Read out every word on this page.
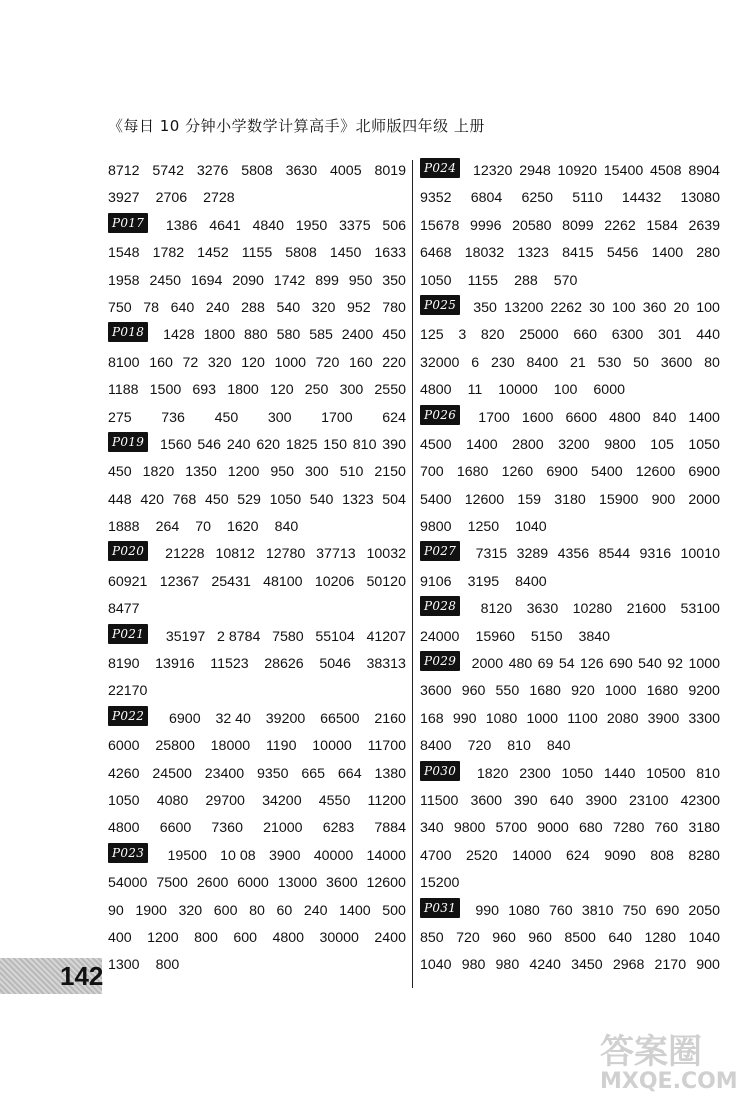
《每日 10 分钟小学数学计算高手》北师版四年级 上册
8712 5742 3276 5808 3630 4005 8019
3927 2706 2728
P017 1386 4641 4840 1950 3375 506
1548 1782 1452 1155 5808 1450 1633
1958 2450 1694 2090 1742 899 950 350
750 78 640 240 288 540 320 952 780
P018 1428 1800 880 580 585 2400 450
8100 160 72 320 120 1000 720 160 220
1188 1500 693 1800 120 250 300 2550
275 736 450 300 1700 624
P019 1560 546 240 620 1825 150 810 390
450 1820 1350 1200 950 300 510 2150
448 420 768 450 529 1050 540 1323 504
1888 264 70 1620 840
P020 21228 10812 12780 37713 10032
60921 12367 25431 48100 10206 50120
8477
P021 35197 2 8784 7580 55104 41207
8190 13916 11523 28626 5046 38313
22170
P022 6900 32 40 39200 66500 2160
6000 25800 18000 1190 10000 11700
4260 24500 23400 9350 665 664 1380
1050 4080 29700 34200 4550 11200
4800 6600 7360 21000 6283 7884
P023 19500 10 08 3900 40000 14000
54000 7500 2600 6000 13000 3600 12600
90 1900 320 600 80 60 240 1400 500
400 1200 800 600 4800 30000 2400
1300 800
P024 12320 2948 10920 15400 4508 8904
9352 6804 6250 5110 14432 13080
15678 9996 20580 8099 2262 1584 2639
6468 18032 1323 8415 5456 1400 280
1050 1155 288 570
P025 350 13200 2262 30 100 360 20 100
125 3 820 25000 660 6300 301 440
32000 6 230 8400 21 530 50 3600 80
4800 11 10000 100 6000
P026 1700 1600 6600 4800 840 1400
4500 1400 2800 3200 9800 105 1050
700 1680 1260 6900 5400 12600 6900
5400 12600 159 3180 15900 900 2000
9800 1250 1040
P027 7315 3289 4356 8544 9316 10010
9106 3195 8400
P028 8120 3630 10280 21600 53100
24000 15960 5150 3840
P029 2000 480 69 54 126 690 540 92 1000
3600 960 550 1680 920 1000 1680 9200
168 990 1080 1000 1100 2080 3900 3300
8400 720 810 840
P030 1820 2300 1050 1440 10500 810
11500 3600 390 640 3900 23100 42300
340 9800 5700 9000 680 7280 760 3180
4700 2520 14000 624 9090 808 8280
15200
P031 990 1080 760 3810 750 690 2050
850 720 960 960 8500 640 1280 1040
1040 980 980 4240 3450 2968 2170 900
142
答案圈
MXQE.COM
